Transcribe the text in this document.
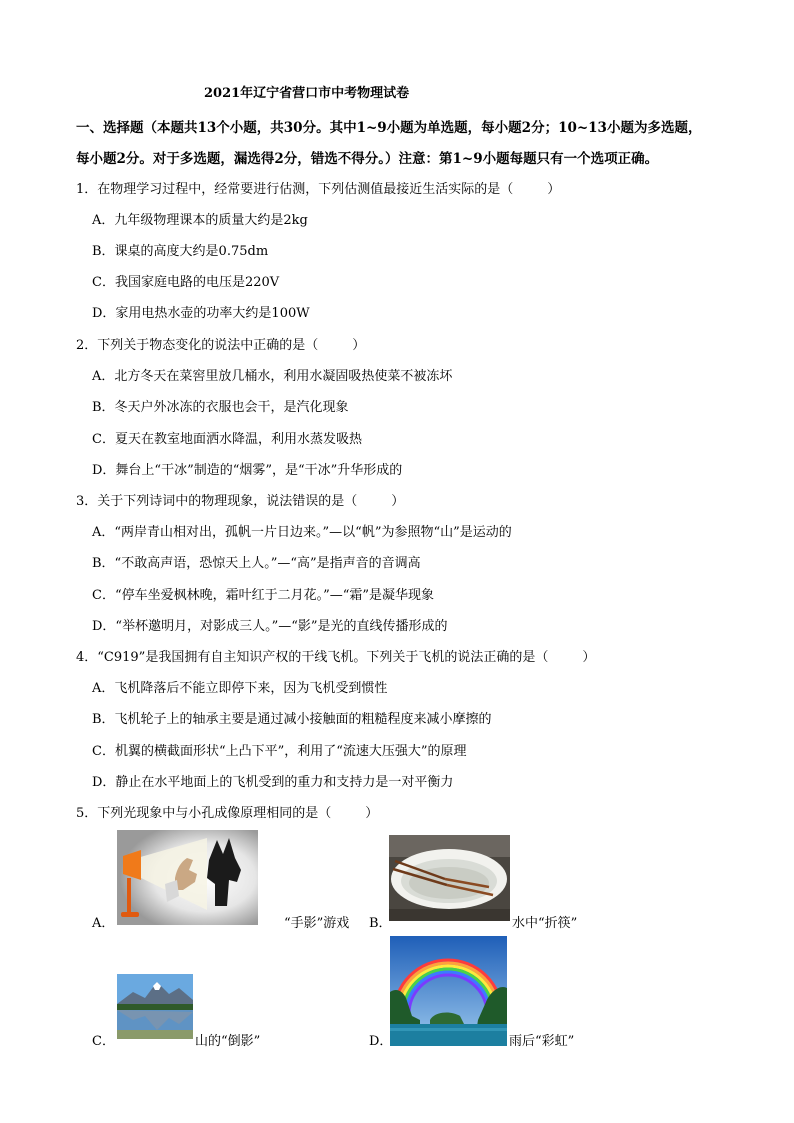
2021年辽宁省营口市中考物理试卷
一、选择题（本题共13个小题，共30分。其中1~9小题为单选题，每小题2分；10~13小题为多选题，
每小题2分。对于多选题，漏选得2分，错选不得分。）注意：第1~9小题每题只有一个选项正确。
1．在物理学习过程中，经常要进行估测，下列估测值最接近生活实际的是（	）
A．九年级物理课本的质量大约是2kg
B．课桌的高度大约是0.75dm
C．我国家庭电路的电压是220V
D．家用电热水壶的功率大约是100W
2．下列关于物态变化的说法中正确的是（	）
A．北方冬天在菜窖里放几桶水，利用水凝固吸热使菜不被冻坏
B．冬天户外冰冻的衣服也会干，是汽化现象
C．夏天在教室地面洒水降温，利用水蒸发吸热
D．舞台上“干冰”制造的“烟雾”，是“干冰”升华形成的
3．关于下列诗词中的物理现象，说法错误的是（	）
A．“两岸青山相对出，孤帆一片日边来。”—以“帆”为参照物“山”是运动的
B．“不敢高声语，恐惊天上人。”—“高”是指声音的音调高
C．“停车坐爱枫林晚，霜叶红于二月花。”—“霜”是凝华现象
D．“举杯邀明月，对影成三人。”—“影”是光的直线传播形成的
4．“C919”是我国拥有自主知识产权的干线飞机。下列关于飞机的说法正确的是（	）
A．飞机降落后不能立即停下来，因为飞机受到惯性
B．飞机轮子上的轴承主要是通过减小接触面的粗糙程度来减小摩擦的
C．机翼的横截面形状“上凸下平”，利用了“流速大压强大”的原理
D．静止在水平地面上的飞机受到的重力和支持力是一对平衡力
5．下列光现象中与小孔成像原理相同的是（	）
A．	“手影”游戏 B．	水中“折筷”
C．	山的“倒影”	D．	雨后“彩虹”
